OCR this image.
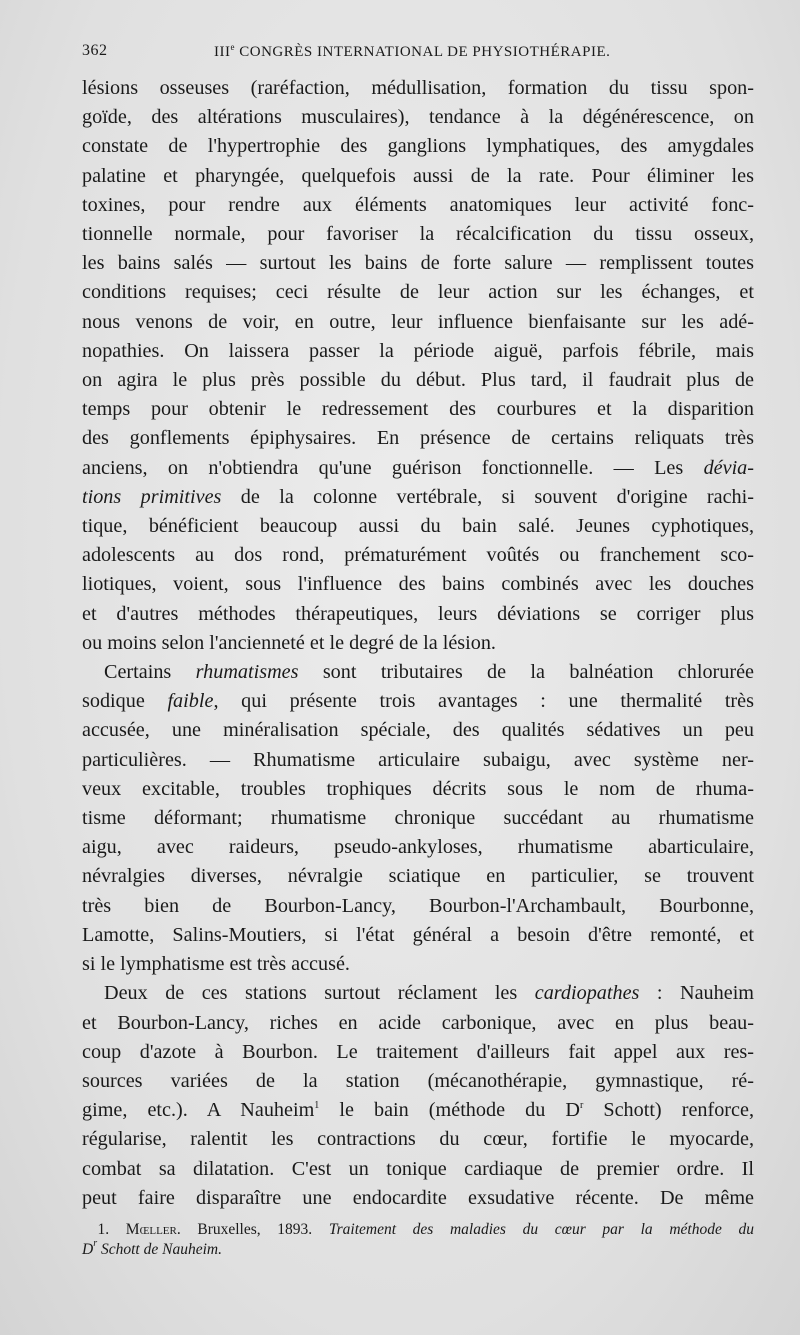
362	IIIe CONGRÈS INTERNATIONAL DE PHYSIOTHÉRAPIE.

lésions osseuses (raréfaction, médullisation, formation du tissu spon-

goïde, des altérations musculaires), tendance à la dégénérescence, on

constate de l'hypertrophie des ganglions lymphatiques, des amygdales

palatine et pharyngée, quelquefois aussi de la rate. Pour éliminer les

toxines, pour rendre aux éléments anatomiques leur activité fonc-

tionnelle normale, pour favoriser la récalcification du tissu osseux,

les bains salés — surtout les bains de forte salure — remplissent toutes

conditions requises; ceci résulte de leur action sur les échanges, et

nous venons de voir, en outre, leur influence bienfaisante sur les adé-

nopathies. On laissera passer la période aiguë, parfois fébrile, mais

on agira le plus près possible du début. Plus tard, il faudrait plus de

temps pour obtenir le redressement des courbures et la disparition

des gonflements épiphysaires. En présence de certains reliquats très

anciens, on n'obtiendra qu'une guérison fonctionnelle. — Les dévia-

tions primitives de la colonne vertébrale, si souvent d'origine rachi-

tique, bénéficient beaucoup aussi du bain salé. Jeunes cyphotiques,

adolescents au dos rond, prématurément voûtés ou franchement sco-

liotiques, voient, sous l'influence des bains combinés avec les douches

et d'autres méthodes thérapeutiques, leurs déviations se corriger plus

ou moins selon l'ancienneté et le degré de la lésion.

Certains rhumatismes sont tributaires de la balnéation chlorurée

sodique faible, qui présente trois avantages : une thermalité très

accusée, une minéralisation spéciale, des qualités sédatives un peu

particulières. — Rhumatisme articulaire subaigu, avec système ner-

veux excitable, troubles trophiques décrits sous le nom de rhuma-

tisme déformant; rhumatisme chronique succédant au rhumatisme

aigu, avec raideurs, pseudo-ankyloses, rhumatisme abarticulaire,

névralgies diverses, névralgie sciatique en particulier, se trouvent

très bien de Bourbon-Lancy, Bourbon-l'Archambault, Bourbonne,

Lamotte, Salins-Moutiers, si l'état général a besoin d'être remonté, et

si le lymphatisme est très accusé.

Deux de ces stations surtout réclament les cardiopathes : Nauheim

et Bourbon-Lancy, riches en acide carbonique, avec en plus beau-

coup d'azote à Bourbon. Le traitement d'ailleurs fait appel aux res-

sources variées de la station (mécanothérapie, gymnastique, ré-

gime, etc.). A Nauheim$^1$ le bain (méthode du D$^r$ Schott) renforce,

régularise, ralentit les contractions du cœur, fortifie le myocarde,

combat sa dilatation. C'est un tonique cardiaque de premier ordre. Il

peut faire disparaître une endocardite exsudative récente. De même

 1. Mœller. Bruxelles, 1893. Traitement des maladies du cœur par la méthode du

D$^r$ Schott de Nauheim.
